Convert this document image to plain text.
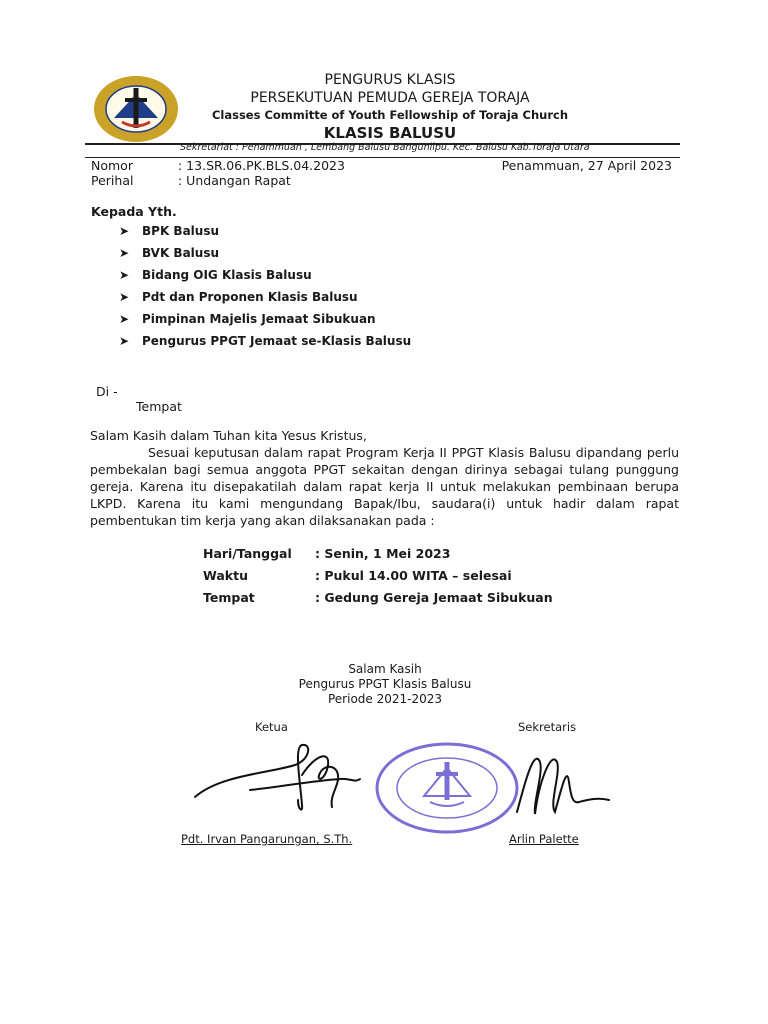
PENGURUS KLASIS
PERSEKUTUAN PEMUDA GEREJA TORAJA
Classes Committe of Youth Fellowship of Toraja Church
KLASIS BALUSU
Sekretariat : Penammuan , Lembang Balusu Bangunlipu. Kec. Balusu Kab.Toraja Utara
Nomor	: 13.SR.06.PK.BLS.04.2023	Penammuan, 27 April 2023
Perihal	: Undangan Rapat
Kepada Yth.
➤ BPK Balusu
➤ BVK Balusu
➤ Bidang OIG Klasis Balusu
➤ Pdt dan Proponen Klasis Balusu
➤ Pimpinan Majelis Jemaat Sibukuan
➤ Pengurus PPGT Jemaat se-Klasis Balusu
Di -
Tempat
Salam Kasih dalam Tuhan kita Yesus Kristus,
Sesuai keputusan dalam rapat Program Kerja II PPGT Klasis Balusu dipandang perlu pembekalan bagi semua anggota PPGT sekaitan dengan dirinya sebagai tulang punggung gereja. Karena itu disepakatilah dalam rapat kerja II untuk melakukan pembinaan berupa LKPD. Karena itu kami mengundang Bapak/Ibu, saudara(i) untuk hadir dalam rapat pembentukan tim kerja yang akan dilaksanakan pada :
Hari/Tanggal : Senin, 1 Mei 2023
Waktu	: Pukul 14.00 WITA – selesai
Tempat	: Gedung Gereja Jemaat Sibukuan
Salam Kasih
Pengurus PPGT Klasis Balusu
Periode 2021-2023
Ketua	Sekretaris
Pdt. Irvan Pangarungan, S.Th.	Arlin Palette
